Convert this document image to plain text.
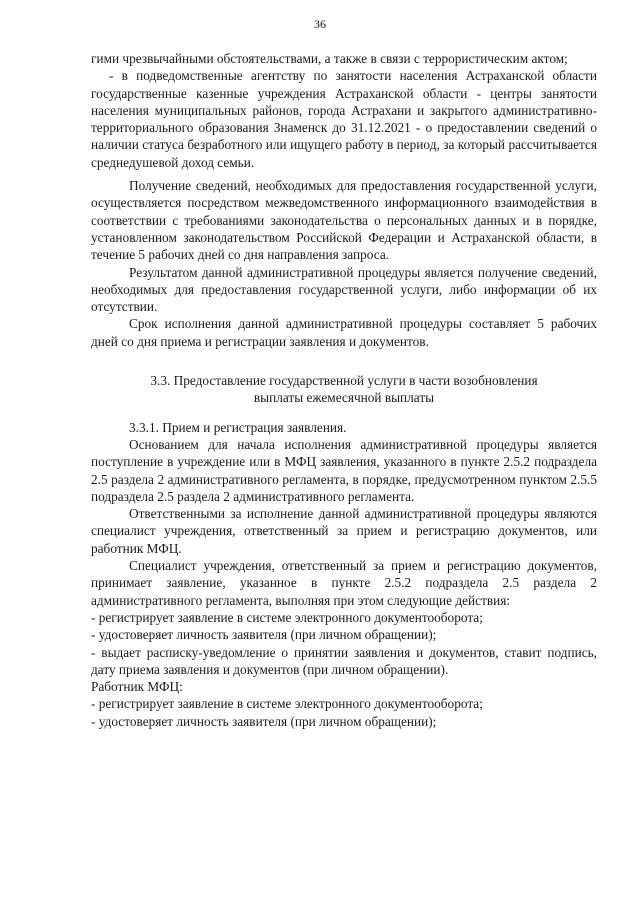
36

гими чрезвычайными обстоятельствами, а также в связи с террористическим актом;

- в подведомственные агентству по занятости населения Астраханской области государственные казенные учреждения Астраханской области - центры занятости населения муниципальных районов, города Астрахани и закрытого административно-территориального образования Знаменск до 31.12.2021 - о предоставлении сведений о наличии статуса безработного или ищущего работу в период, за который рассчитывается среднедушевой доход семьи.

Получение сведений, необходимых для предоставления государственной услуги, осуществляется посредством межведомственного информационного взаимодействия в соответствии с требованиями законодательства о персональных данных и в порядке, установленном законодательством Российской Федерации и Астраханской области, в течение 5 рабочих дней со дня направления запроса.

Результатом данной административной процедуры является получение сведений, необходимых для предоставления государственной услуги, либо информации об их отсутствии.

Срок исполнения данной административной процедуры составляет 5 рабочих дней со дня приема и регистрации заявления и документов.

3.3. Предоставление государственной услуги в части возобновления выплаты ежемесячной выплаты

3.3.1. Прием и регистрация заявления.

Основанием для начала исполнения административной процедуры является поступление в учреждение или в МФЦ заявления, указанного в пункте 2.5.2 подраздела 2.5 раздела 2 административного регламента, в порядке, предусмотренном пунктом 2.5.5 подраздела 2.5 раздела 2 административного регламента.

Ответственными за исполнение данной административной процедуры являются специалист учреждения, ответственный за прием и регистрацию документов, или работник МФЦ.

Специалист учреждения, ответственный за прием и регистрацию документов, принимает заявление, указанное в пункте 2.5.2 подраздела 2.5 раздела 2 административного регламента, выполняя при этом следующие действия:

- регистрирует заявление в системе электронного документооборота;

- удостоверяет личность заявителя (при личном обращении);

- выдает расписку-уведомление о принятии заявления и документов, ставит подпись, дату приема заявления и документов (при личном обращении).

Работник МФЦ:

- регистрирует заявление в системе электронного документооборота;

- удостоверяет личность заявителя (при личном обращении);
